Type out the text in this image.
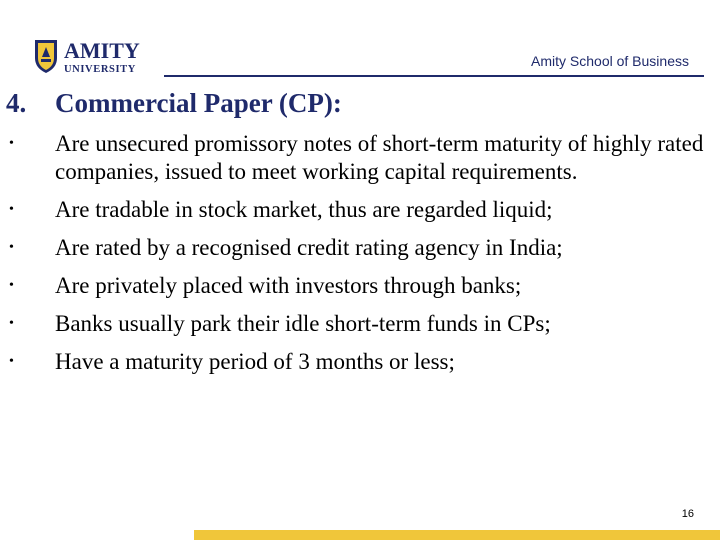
AMITY
UNIVERSITY
Amity School of Business
4. Commercial Paper (CP):
• Are unsecured promissory notes of short-term maturity of highly rated companies, issued to meet working capital requirements.
• Are tradable in stock market, thus are regarded liquid;
• Are rated by a recognised credit rating agency in India;
• Are privately placed with investors through banks;
• Banks usually park their idle short-term funds in CPs;
• Have a maturity period of 3 months or less;
16
